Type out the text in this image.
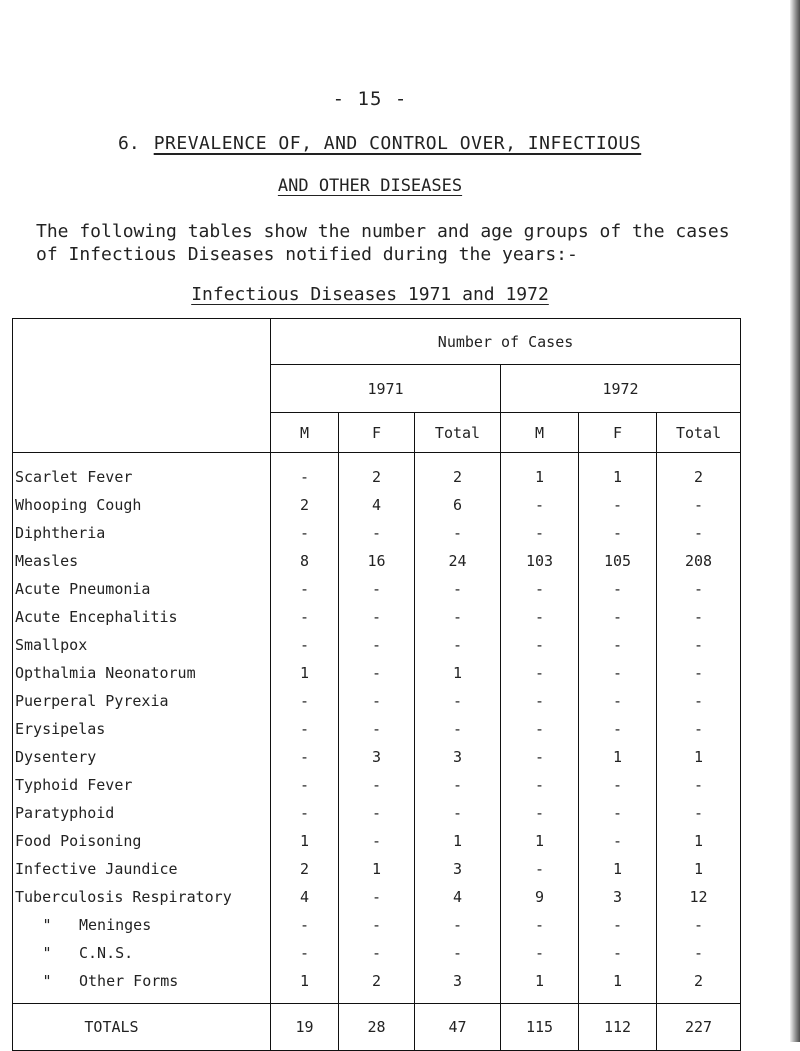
- 15 -
6. PREVALENCE OF, AND CONTROL OVER, INFECTIOUS
AND OTHER DISEASES
The following tables show the number and age groups of the cases of Infectious Diseases notified during the years:-
Infectious Diseases 1971 and 1972
	Number of Cases					
	1971			1972		
	M	F	Total	M	F	Total
Scarlet Fever	-	2	2	1	1	2
Whooping Cough	2	4	6	-	-	-
Diphtheria	-	-	-	-	-	-
Measles	8	16	24	103	105	208
Acute Pneumonia	-	-	-	-	-	-
Acute Encephalitis	-	-	-	-	-	-
Smallpox	-	-	-	-	-	-
Opthalmia Neonatorum	1	-	1	-	-	-
Puerperal Pyrexia	-	-	-	-	-	-
Erysipelas	-	-	-	-	-	-
Dysentery	-	3	3	-	1	1
Typhoid Fever	-	-	-	-	-	-
Paratyphoid	-	-	-	-	-	-
Food Poisoning	1	-	1	1	-	1
Infective Jaundice	2	1	3	-	1	1
Tuberculosis Respiratory	4	-	4	9	3	12
" Meninges	-	-	-	-	-	-
" C.N.S.	-	-	-	-	-	-
" Other Forms	1	2	3	1	1	2
TOTALS	19	28	47	115	112	227
